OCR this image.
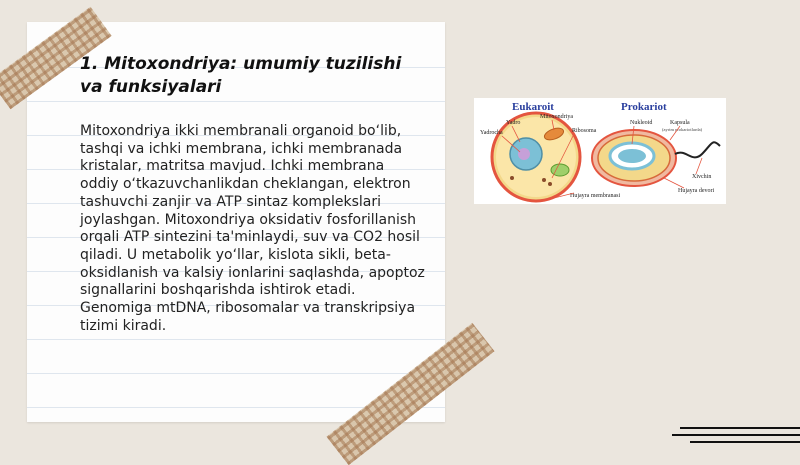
1. Mitoxondriya: umumiy tuzilishi va funksiyalari

Mitoxondriya ikki membranali organoid bo‘lib, tashqi va ichki membrana, ichki membranada kristalar, matritsa mavjud. Ichki membrana oddiy o‘tkazuvchanlikdan cheklangan, elektron tashuvchi zanjir va ATP sintaz komplekslari joylashgan. Mitoxondriya oksidativ fosforillanish orqali ATP sintezini ta'minlaydi, suv va CO2 hosil qiladi. U metabolik yo‘llar, kislota sikli, beta-oksidlanish va kalsiy ionlarini saqlashda, apoptoz signallarini boshqarishda ishtirok etadi. Genomiga mtDNA, ribosomalar va transkripsiya tizimi kiradi.

Eukaroit	Prokariot
Mitoxondriya
Yadro
Yadrocha	Ribosoma
Hujayra membranasi
Nukleoid	Kapsula
(ayrim prokariotlarda)
Xivchin
Hujayra devori
